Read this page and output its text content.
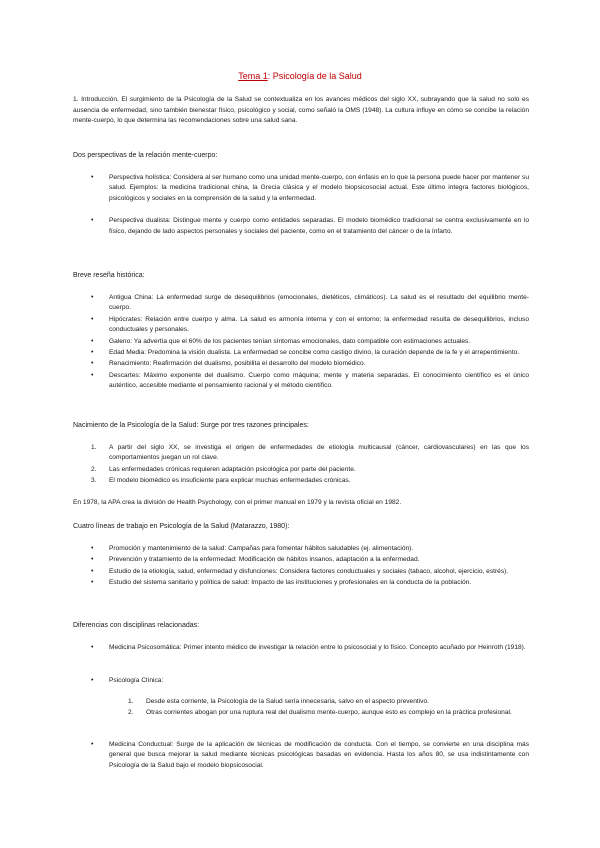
Tema 1: Psicología de la Salud

1. Introducción. El surgimiento de la Psicología de la Salud se contextualiza en los avances médicos del siglo XX, subrayando que la salud no solo es ausencia de enfermedad, sino también bienestar físico, psicológico y social, como señaló la OMS (1948). La cultura influye en cómo se concibe la relación mente-cuerpo, lo que determina las recomendaciones sobre una salud sana.

Dos perspectivas de la relación mente-cuerpo:

• Perspectiva holística: Considera al ser humano como una unidad mente-cuerpo, con énfasis en lo que la persona puede hacer por mantener su salud. Ejemplos: la medicina tradicional china, la Grecia clásica y el modelo biopsicosocial actual. Este último integra factores biológicos, psicológicos y sociales en la comprensión de la salud y la enfermedad.
• Perspectiva dualista: Distingue mente y cuerpo como entidades separadas. El modelo biomédico tradicional se centra exclusivamente en lo físico, dejando de lado aspectos personales y sociales del paciente, como en el tratamiento del cáncer o de la ínfarto.

Breve reseña histórica:

• Antigua China: La enfermedad surge de desequilibrios (emocionales, dietéticos, climáticos). La salud es el resultado del equilibrio mente-cuerpo.
• Hipócrates: Relación entre cuerpo y alma. La salud es armonía interna y con el entorno; la enfermedad resulta de desequilibrios, incluso conductuales y personales.
• Galeno: Ya advertía que el 60% de los pacientes tenían síntomas emocionales, dato compatible con estimaciones actuales.
• Edad Media: Predomina la visión dualista. La enfermedad se concibe como castigo divino, la curación depende de la fe y el arrepentimiento.
• Renacimiento: Reafirmación del dualismo, posibilita el desarrollo del modelo biomédico.
• Descartes: Máximo exponente del dualismo. Cuerpo como máquina; mente y materia separadas. El conocimiento científico es el único auténtico, accesible mediante el pensamiento racional y el método científico.

Nacimiento de la Psicología de la Salud: Surge por tres razones principales:

1. A partir del siglo XX, se investiga el origen de enfermedades de etiología multicausal (cáncer, cardiovasculares) en las que los comportamientos juegan un rol clave.
2. Las enfermedades crónicas requieren adaptación psicológica por parte del paciente.
3. El modelo biomédico es insuficiente para explicar muchas enfermedades crónicas.

En 1978, la APA crea la división de Health Psychology, con el primer manual en 1979 y la revista oficial en 1982.

Cuatro líneas de trabajo en Psicología de la Salud (Matarazzo, 1980):

• Promoción y mantenimiento de la salud: Campañas para fomentar hábitos saludables (ej. alimentación).
• Prevención y tratamiento de la enfermedad: Modificación de hábitos insanos, adaptación a la enfermedad.
• Estudio de la etiología, salud, enfermedad y disfunciones: Considera factores conductuales y sociales (tabaco, alcohol, ejercicio, estrés).
• Estudio del sistema sanitario y política de salud: Impacto de las instituciones y profesionales en la conducta de la población.

Diferencias con disciplinas relacionadas:

• Medicina Psicosomática: Primer intento médico de investigar la relación entre lo psicosocial y lo físico. Concepto acuñado por Heinroth (1918).
• Psicología Clínica:
1. Desde esta corriente, la Psicología de la Salud sería innecesaria, salvo en el aspecto preventivo.
2. Otras corrientes abogan por una ruptura real del dualismo mente-cuerpo, aunque esto es complejo en la práctica profesional.
• Medicina Conductual: Surge de la aplicación de técnicas de modificación de conducta. Con el tiempo, se convierte en una disciplina más general que busca mejorar la salud mediante técnicas psicológicas basadas en evidencia. Hasta los años 80, se usa indistintamente con Psicología de la Salud bajo el modelo biopsicosocial.
